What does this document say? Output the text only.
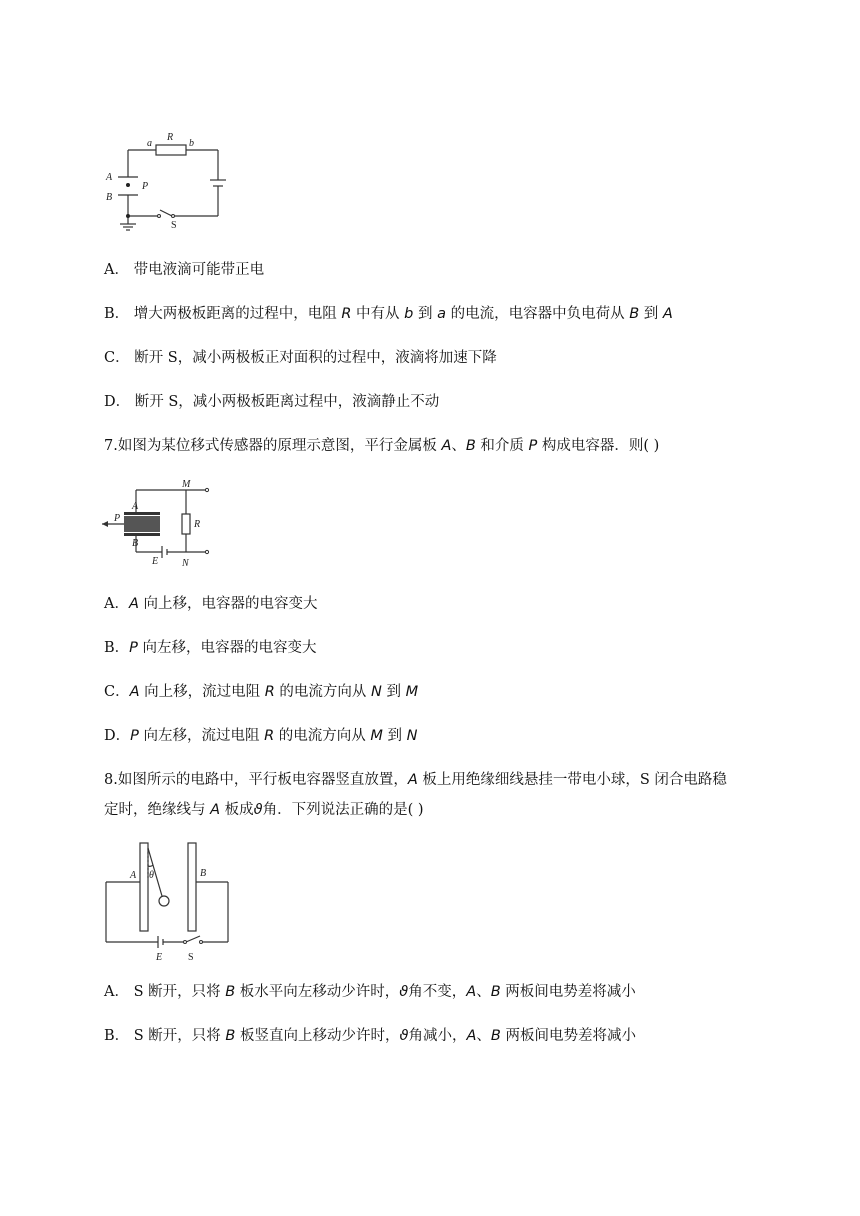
a
R
b
A
P
B
S
A． 带电液滴可能带正电
B． 增大两极板距离的过程中，电阻 R 中有从 b 到 a 的电流，电容器中负电荷从 B 到 A
C． 断开 S，减小两极板正对面积的过程中，液滴将加速下降
D． 断开 S，减小两极板距离过程中，液滴静止不动
7.如图为某位移式传感器的原理示意图，平行金属板 A、B 和介质 P 构成电容器．则( )
M
A
P
R
B
E N
A．A 向上移，电容器的电容变大
B．P 向左移，电容器的电容变大
C．A 向上移，流过电阻 R 的电流方向从 N 到 M
D．P 向左移，流过电阻 R 的电流方向从 M 到 N
8.如图所示的电路中，平行板电容器竖直放置，A 板上用绝缘细线悬挂一带电小球，S 闭合电路稳
定时，绝缘线与 A 板成ϑ角．下列说法正确的是( )
A θ	B
E	S
A． S 断开，只将 B 板水平向左移动少许时，ϑ角不变，A、B 两板间电势差将减小
B． S 断开，只将 B 板竖直向上移动少许时，ϑ角减小，A、B 两板间电势差将减小
